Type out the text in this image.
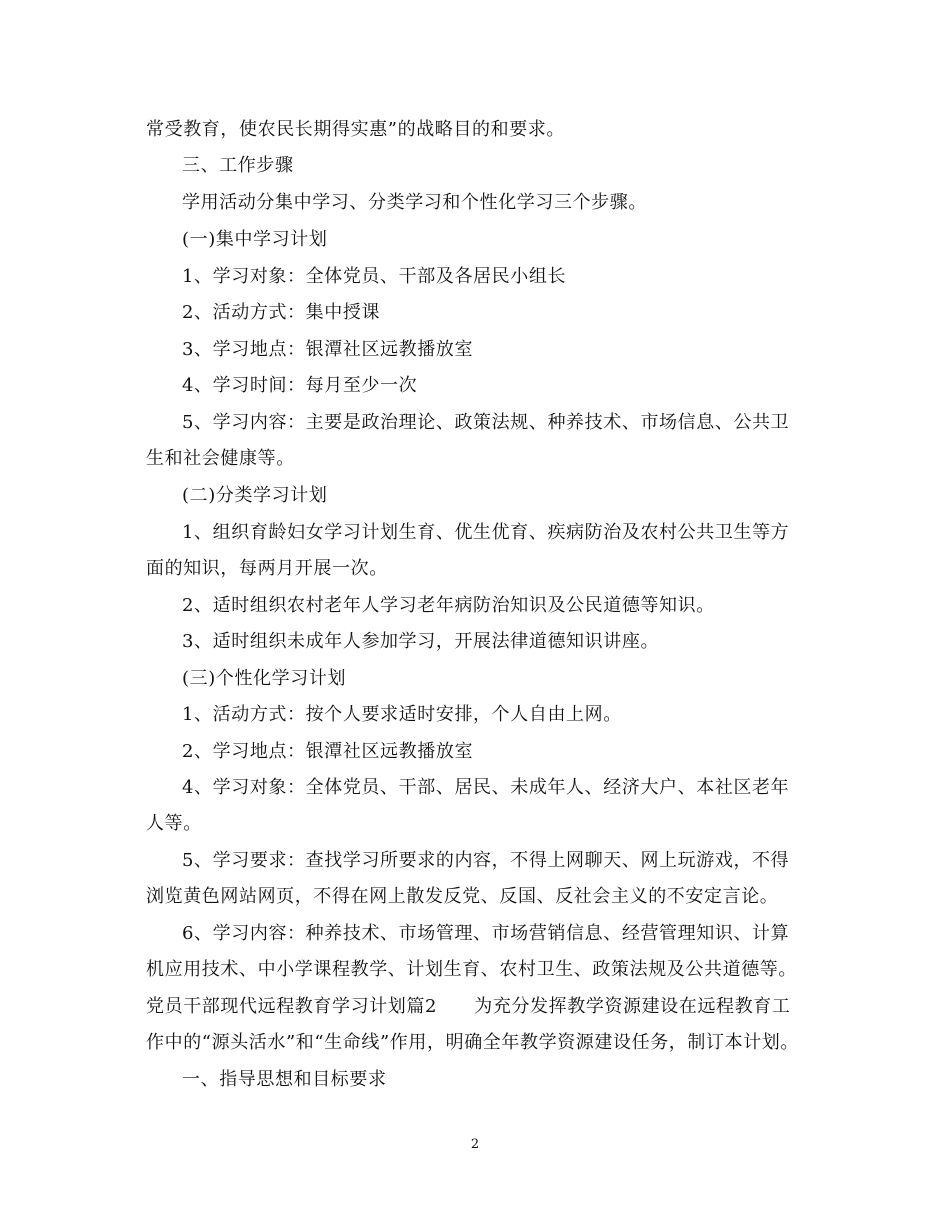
常受教育，使农民长期得实惠”的战略目的和要求。
三、工作步骤
学用活动分集中学习、分类学习和个性化学习三个步骤。
(一)集中学习计划
1、学习对象：全体党员、干部及各居民小组长
2、活动方式：集中授课
3、学习地点：银潭社区远教播放室
4、学习时间：每月至少一次
5、学习内容：主要是政治理论、政策法规、种养技术、市场信息、公共卫
生和社会健康等。
(二)分类学习计划
1、组织育龄妇女学习计划生育、优生优育、疾病防治及农村公共卫生等方
面的知识，每两月开展一次。
2、适时组织农村老年人学习老年病防治知识及公民道德等知识。
3、适时组织未成年人参加学习，开展法律道德知识讲座。
(三)个性化学习计划
1、活动方式：按个人要求适时安排，个人自由上网。
2、学习地点：银潭社区远教播放室
4、学习对象：全体党员、干部、居民、未成年人、经济大户、本社区老年
人等。
5、学习要求：查找学习所要求的内容，不得上网聊天、网上玩游戏，不得
浏览黄色网站网页，不得在网上散发反党、反国、反社会主义的不安定言论。
6、学习内容：种养技术、市场管理、市场营销信息、经营管理知识、计算
机应用技术、中小学课程教学、计划生育、农村卫生、政策法规及公共道德等。
党员干部现代远程教育学习计划篇2　　为充分发挥教学资源建设在远程教育工
作中的“源头活水”和“生命线”作用，明确全年教学资源建设任务，制订本计划。
一、指导思想和目标要求
2
